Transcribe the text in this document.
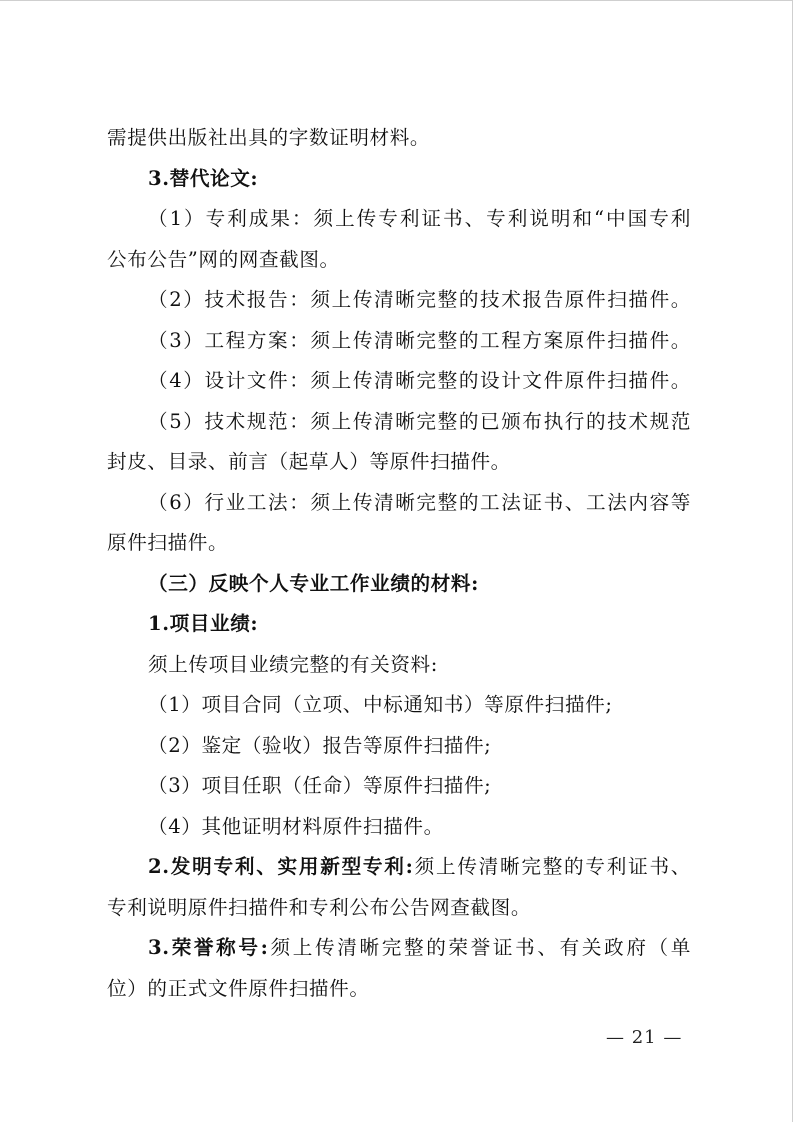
需提供出版社出具的字数证明材料。
3.替代论文:
（1）专利成果：须上传专利证书、专利说明和“中国专利
公布公告”网的网查截图。
（2）技术报告：须上传清晰完整的技术报告原件扫描件。
（3）工程方案：须上传清晰完整的工程方案原件扫描件。
（4）设计文件：须上传清晰完整的设计文件原件扫描件。
（5）技术规范：须上传清晰完整的已颁布执行的技术规范
封皮、目录、前言（起草人）等原件扫描件。
（6）行业工法：须上传清晰完整的工法证书、工法内容等
原件扫描件。
（三）反映个人专业工作业绩的材料:
1.项目业绩:
须上传项目业绩完整的有关资料:
（1）项目合同（立项、中标通知书）等原件扫描件;
（2）鉴定（验收）报告等原件扫描件;
（3）项目任职（任命）等原件扫描件;
（4）其他证明材料原件扫描件。
2.发明专利、实用新型专利:须上传清晰完整的专利证书、
专利说明原件扫描件和专利公布公告网查截图。
3.荣誉称号:须上传清晰完整的荣誉证书、有关政府（单
位）的正式文件原件扫描件。
— 21 —
